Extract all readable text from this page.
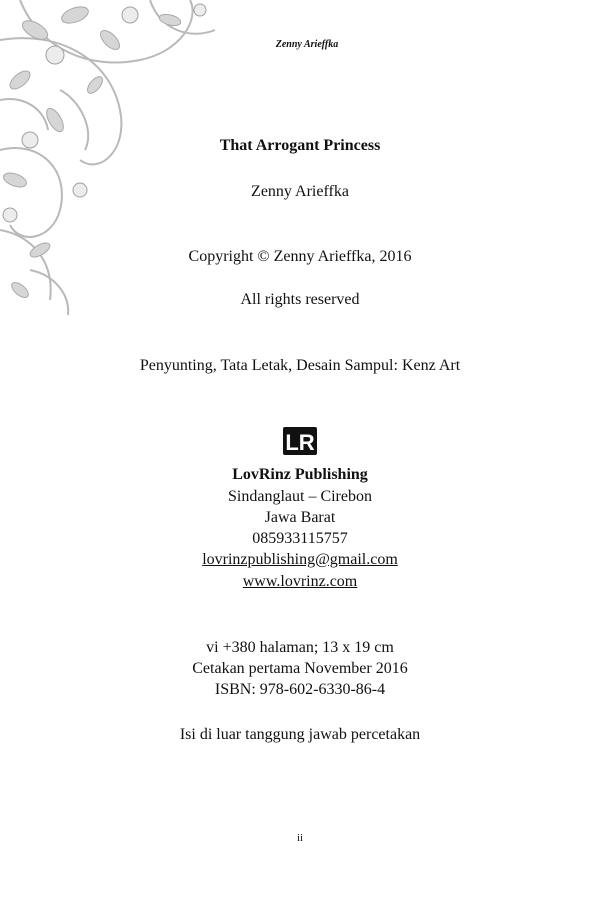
Zenny Arieffka
That Arrogant Princess
Zenny Arieffka
Copyright © Zenny Arieffka, 2016
All rights reserved
Penyunting, Tata Letak, Desain Sampul: Kenz Art
LR
LovRinz Publishing
Sindanglaut – Cirebon
Jawa Barat
085933115757
lovrinzpublishing@gmail.com
www.lovrinz.com
vi +380 halaman; 13 x 19 cm
Cetakan pertama November 2016
ISBN: 978-602-6330-86-4
Isi di luar tanggung jawab percetakan
ii
